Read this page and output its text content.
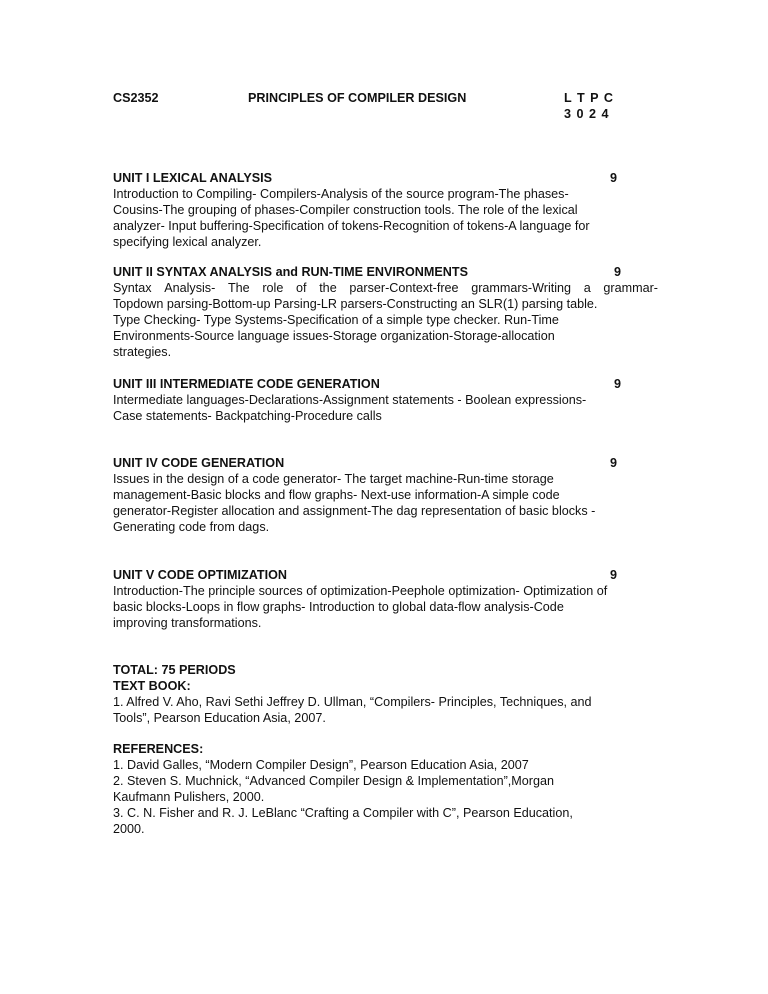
CS2352	PRINCIPLES OF COMPILER DESIGN	L T P C
3 0 2 4
UNIT I LEXICAL ANALYSIS	9
Introduction to Compiling- Compilers-Analysis of the source program-The phases-
Cousins-The grouping of phases-Compiler construction tools. The role of the lexical
analyzer- Input buffering-Specification of tokens-Recognition of tokens-A language for
specifying lexical analyzer.
UNIT II SYNTAX ANALYSIS and RUN-TIME ENVIRONMENTS	9
Syntax Analysis- The role of the parser-Context-free grammars-Writing a grammar-
Topdown parsing-Bottom-up Parsing-LR parsers-Constructing an SLR(1) parsing table.
Type Checking- Type Systems-Specification of a simple type checker. Run-Time
Environments-Source language issues-Storage organization-Storage-allocation
strategies.
UNIT III INTERMEDIATE CODE GENERATION	9
Intermediate languages-Declarations-Assignment statements - Boolean expressions-
Case statements- Backpatching-Procedure calls
UNIT IV CODE GENERATION	9
Issues in the design of a code generator- The target machine-Run-time storage
management-Basic blocks and flow graphs- Next-use information-A simple code
generator-Register allocation and assignment-The dag representation of basic blocks -
Generating code from dags.
UNIT V CODE OPTIMIZATION	9
Introduction-The principle sources of optimization-Peephole optimization- Optimization of
basic blocks-Loops in flow graphs- Introduction to global data-flow analysis-Code
improving transformations.
TOTAL: 75 PERIODS
TEXT BOOK:
1. Alfred V. Aho, Ravi Sethi Jeffrey D. Ullman, “Compilers- Principles, Techniques, and
Tools”, Pearson Education Asia, 2007.
REFERENCES:
1. David Galles, “Modern Compiler Design”, Pearson Education Asia, 2007
2. Steven S. Muchnick, “Advanced Compiler Design & Implementation”,Morgan
Kaufmann Pulishers, 2000.
3. C. N. Fisher and R. J. LeBlanc “Crafting a Compiler with C”, Pearson Education,
2000.
